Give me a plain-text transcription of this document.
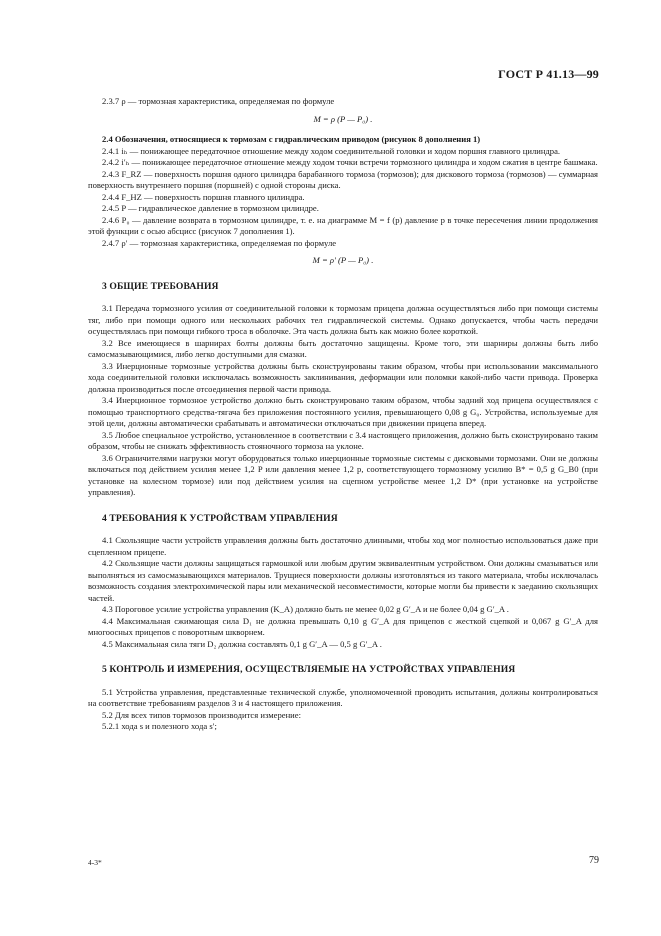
ГОСТ Р 41.13—99

2.3.7 ρ — тормозная характеристика, определяемая по формуле

M = ρ (P — P₀) .

2.4 Обозначения, относящиеся к тормозам с гидравлическим приводом (рисунок 8 дополнения 1)

2.4.1 iₕ — понижающее передаточное отношение между ходом соединительной головки и ходом поршня главного цилиндра.

2.4.2 i′ₕ — понижающее передаточное отношение между ходом точки встречи тормозного цилиндра и ходом сжатия в центре башмака.

2.4.3 F_RZ — поверхность поршня одного цилиндра барабанного тормоза (тормозов); для дискового тормоза (тормозов) — суммарная поверхность внутреннего поршня (поршней) с одной стороны диска.

2.4.4 F_HZ — поверхность поршня главного цилиндра.

2.4.5 P — гидравлическое давление в тормозном цилиндре.

2.4.6 P₀ — давление возврата в тормозном цилиндре, т. е. на диаграмме M = f (p) давление p в точке пересечения линии продолжения этой функции с осью абсцисс (рисунок 7 дополнения 1).

2.4.7 ρ′ — тормозная характеристика, определяемая по формуле

M = ρ′ (P — P₀) .

3 ОБЩИЕ ТРЕБОВАНИЯ

3.1 Передача тормозного усилия от соединительной головки к тормозам прицепа должна осуществляться либо при помощи системы тяг, либо при помощи одного или нескольких рабочих тел гидравлической системы. Однако допускается, чтобы часть передачи осуществлялась при помощи гибкого троса в оболочке. Эта часть должна быть как можно более короткой.

3.2 Все имеющиеся в шарнирах болты должны быть достаточно защищены. Кроме того, эти шарниры должны быть либо самосмазывающимися, либо легко доступными для смазки.

3.3 Инерционные тормозные устройства должны быть сконструированы таким образом, чтобы при использовании максимального хода соединительной головки исключалась возможность заклинивания, деформации или поломки какой-либо части привода. Проверка должна производиться после отсоединения первой части привода.

3.4 Инерционное тормозное устройство должно быть сконструировано таким образом, чтобы задний ход прицепа осуществлялся с помощью транспортного средства-тягача без приложения постоянного усилия, превышающего 0,08 g G₀. Устройства, используемые для этой цели, должны автоматически срабатывать и автоматически отключаться при движении прицепа вперед.

3.5 Любое специальное устройство, установленное в соответствии с 3.4 настоящего приложения, должно быть сконструировано таким образом, чтобы не снижать эффективность стояночного тормоза на уклоне.

3.6 Ограничителями нагрузки могут оборудоваться только инерционные тормозные системы с дисковыми тормозами. Они не должны включаться под действием усилия менее 1,2 P или давления менее 1,2 p, соответствующего тормозному усилию B* = 0,5 g G_B0 (при установке на колесном тормозе) или под действием усилия на сцепном устройстве менее 1,2 D* (при установке на устройстве управления).

4 ТРЕБОВАНИЯ К УСТРОЙСТВАМ УПРАВЛЕНИЯ

4.1 Скользящие части устройств управления должны быть достаточно длинными, чтобы ход мог полностью использоваться даже при сцепленном прицепе.

4.2 Скользящие части должны защищаться гармошкой или любым другим эквивалентным устройством. Они должны смазываться или выполняться из самосмазывающихся материалов. Трущиеся поверхности должны изготовляться из такого материала, чтобы исключалась возможность создания электрохимической пары или механической несовместимости, которые могли бы привести к заеданию скользящих частей.

4.3 Пороговое усилие устройства управления (K_A) должно быть не менее 0,02 g G′_A и не более 0,04 g G′_A .

4.4 Максимальная сжимающая сила D₁ не должна превышать 0,10 g G′_A для прицепов с жесткой сцепкой и 0,067 g G′_A для многоосных прицепов с поворотным шкворнем.

4.5 Максимальная сила тяги D₂ должна составлять 0,1 g G′_A — 0,5 g G′_A .

5 КОНТРОЛЬ И ИЗМЕРЕНИЯ, ОСУЩЕСТВЛЯЕМЫЕ НА УСТРОЙСТВАХ УПРАВЛЕНИЯ

5.1 Устройства управления, представленные технической службе, уполномоченной проводить испытания, должны контролироваться на соответствие требованиям разделов 3 и 4 настоящего приложения.

5.2 Для всех типов тормозов производится измерение:

5.2.1 хода s и полезного хода s′;

4-3*	79
